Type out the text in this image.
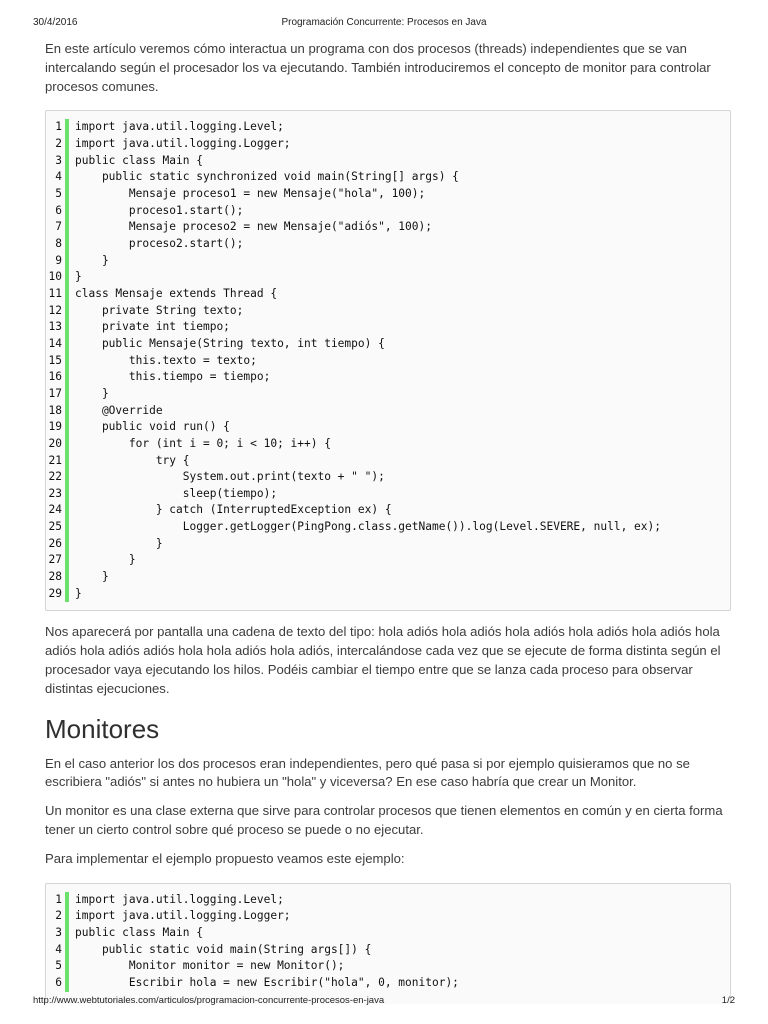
30/4/2016	Programación Concurrente: Procesos en Java

En este artículo veremos cómo interactua un programa con dos procesos (threads) independientes que se van intercalando según el procesador los va ejecutando. También introduciremos el concepto de monitor para controlar procesos comunes.

1
2
3
4
5
6
7
8
9
10
11
12
13
14
15
16
17
18
19
20
21
22
23
24
25
26
27
28
29
import java.util.logging.Level;
import java.util.logging.Logger;
public class Main {
public static synchronized void main(String[] args) {
Mensaje proceso1 = new Mensaje("hola", 100);
proceso1.start();
Mensaje proceso2 = new Mensaje("adiós", 100);
proceso2.start();
}
}
class Mensaje extends Thread {
private String texto;
private int tiempo;
public Mensaje(String texto, int tiempo) {
this.texto = texto;
this.tiempo = tiempo;
}
@Override
public void run() {
for (int i = 0; i < 10; i++) {
try {
System.out.print(texto + " ");
sleep(tiempo);
} catch (InterruptedException ex) {
Logger.getLogger(PingPong.class.getName()).log(Level.SEVERE, null, ex);
}
}
}
}

Nos aparecerá por pantalla una cadena de texto del tipo: hola adiós hola adiós hola adiós hola adiós hola adiós hola adiós hola adiós adiós hola hola adiós hola adiós, intercalándose cada vez que se ejecute de forma distinta según el procesador vaya ejecutando los hilos. Podéis cambiar el tiempo entre que se lanza cada proceso para observar distintas ejecuciones.

Monitores

En el caso anterior los dos procesos eran independientes, pero qué pasa si por ejemplo quisieramos que no se escribiera "adiós" si antes no hubiera un "hola" y viceversa? En ese caso habría que crear un Monitor.

Un monitor es una clase externa que sirve para controlar procesos que tienen elementos en común y en cierta forma tener un cierto control sobre qué proceso se puede o no ejecutar.

Para implementar el ejemplo propuesto veamos este ejemplo:

1
2
3
4
5
6
import java.util.logging.Level;
import java.util.logging.Logger;
public class Main {
public static void main(String args[]) {
Monitor monitor = new Monitor();
Escribir hola = new Escribir("hola", 0, monitor);
http://www.webtutoriales.com/articulos/programacion-concurrente-procesos-en-java	1/2
